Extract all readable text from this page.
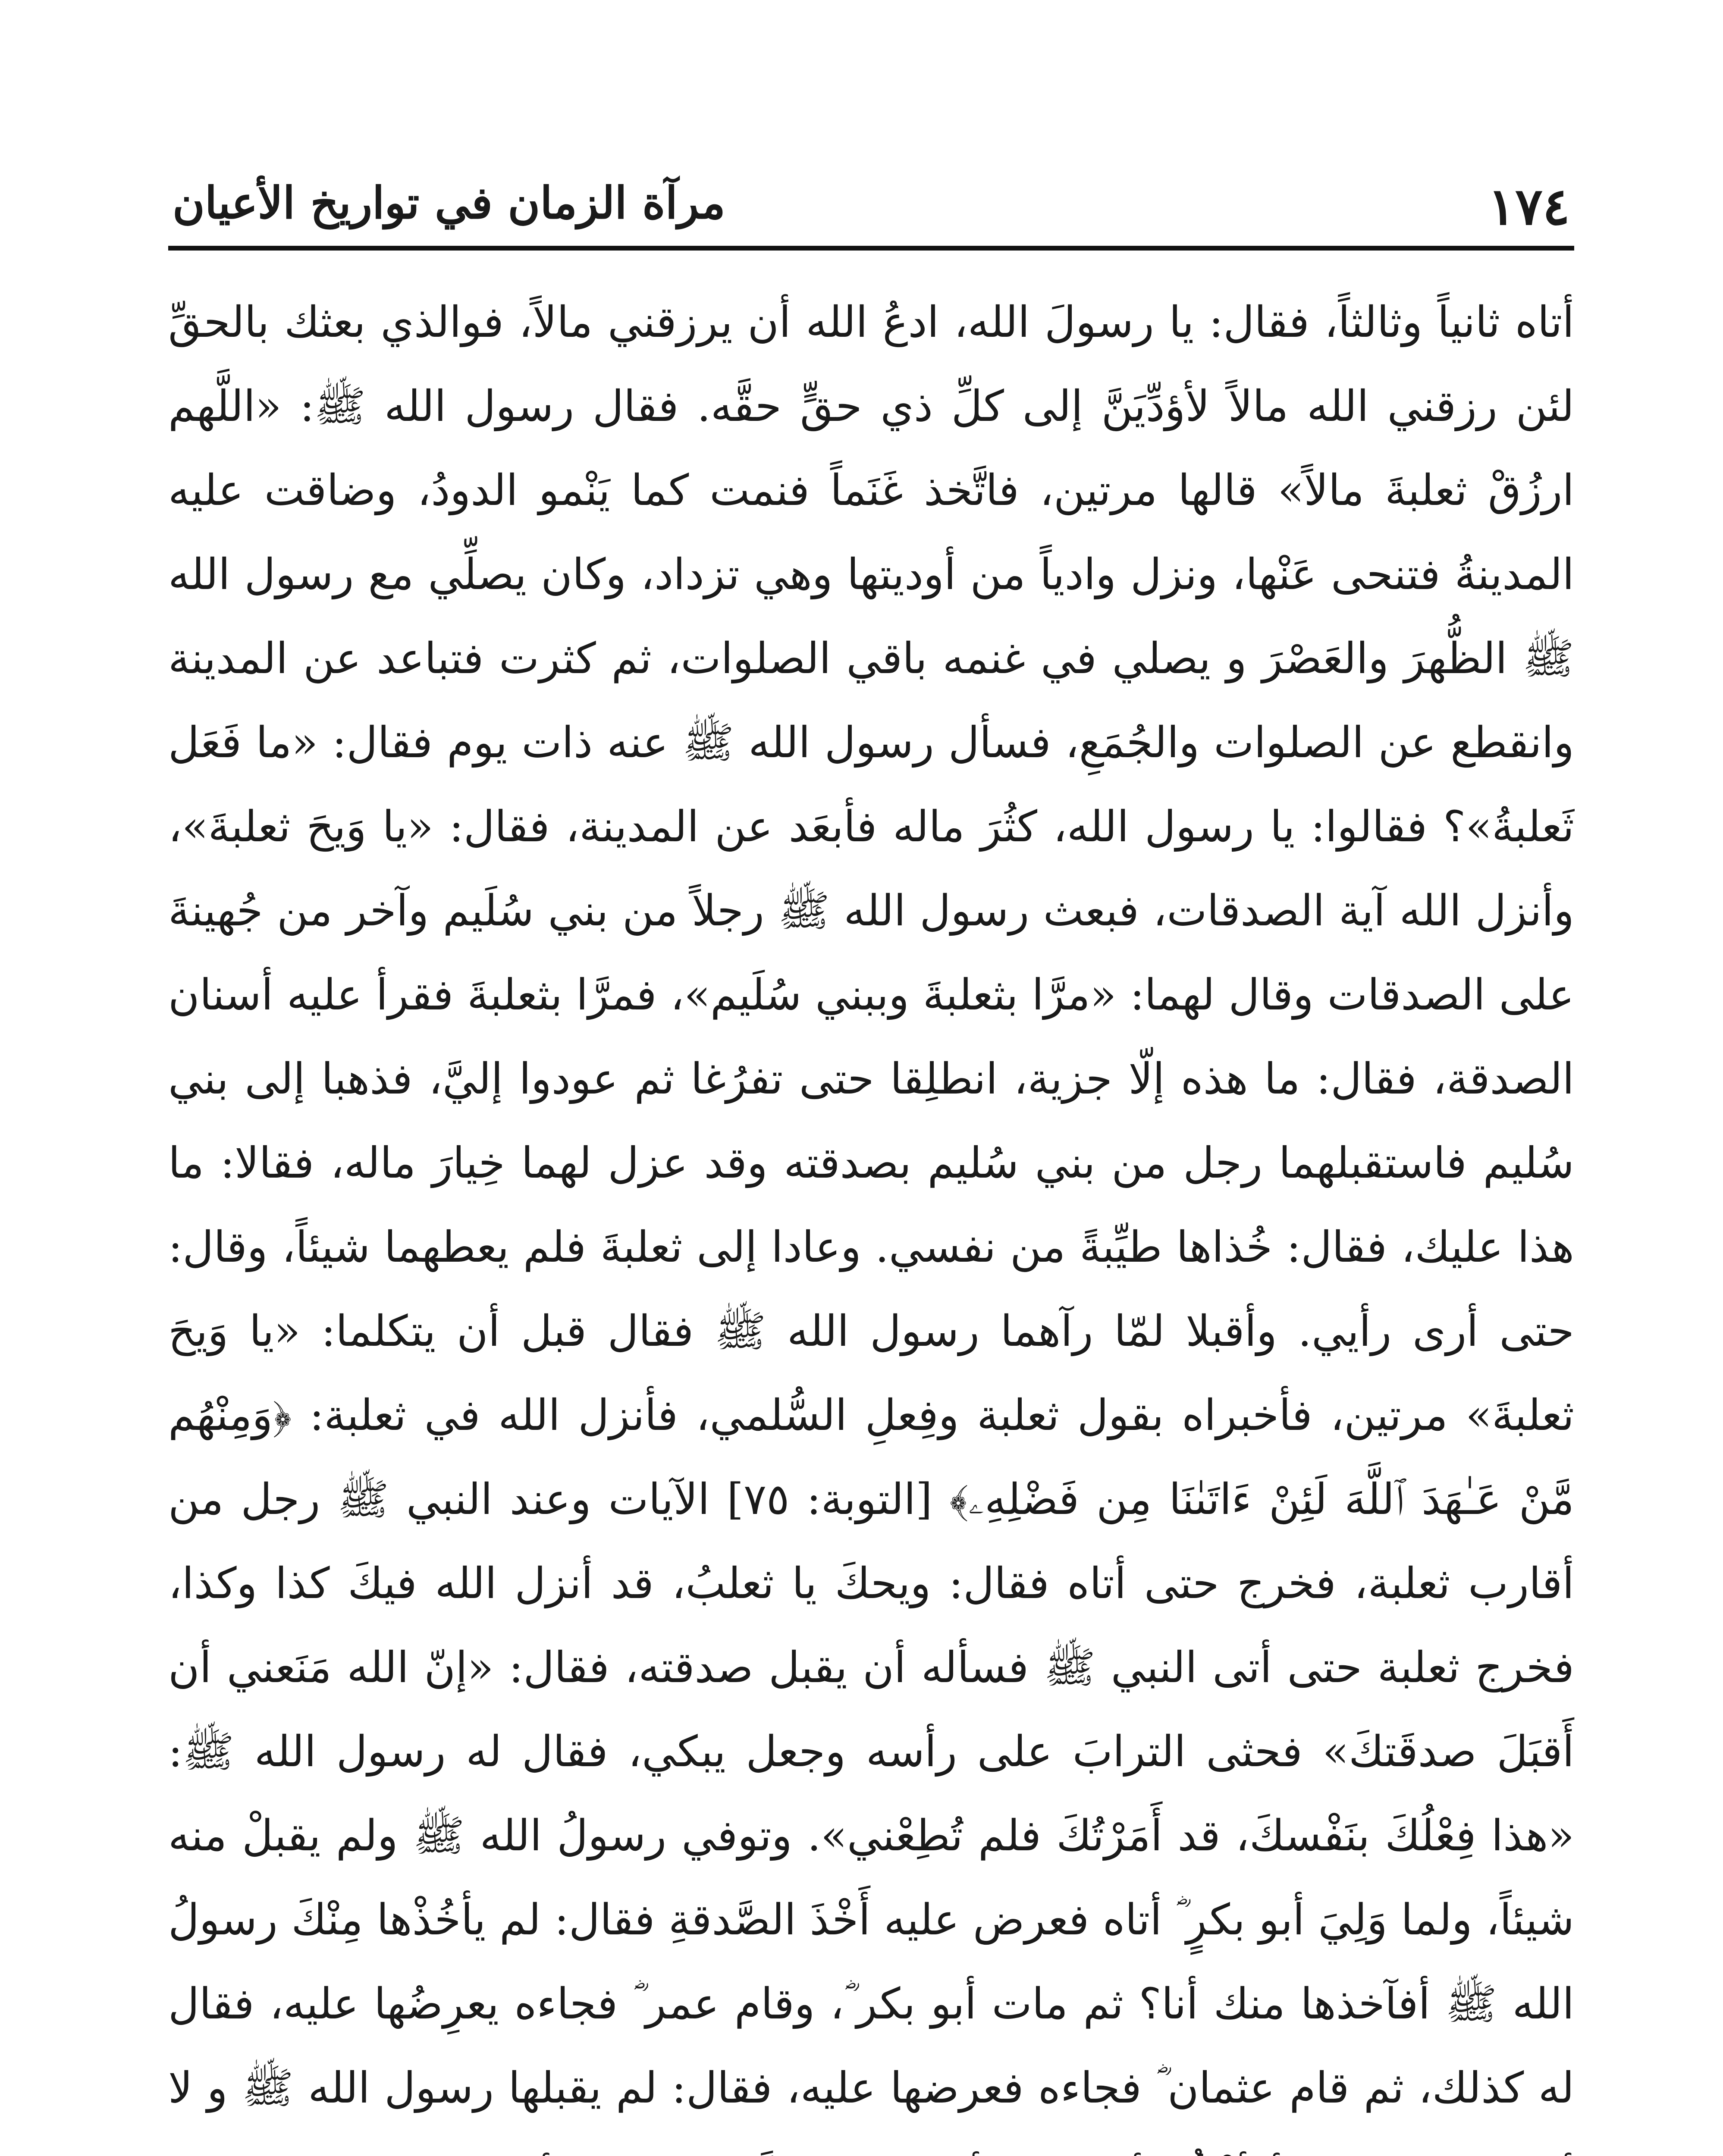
١٧٤
مرآة الزمان في تواريخ الأعيان

أتاه ثانياً وثالثاً، فقال: يا رسولَ الله، ادعُ الله أن يرزقني مالاً، فوالذي بعثك بالحقِّ لئن رزقني الله مالاً لأؤدِّيَنَّ إلى كلِّ ذي حقٍّ حقَّه. فقال رسول الله ﷺ: «اللَّهم ارزُقْ ثعلبةَ مالاً» قالها مرتين، فاتَّخذ غَنَماً فنمت كما يَنْمو الدودُ، وضاقت عليه المدينةُ فتنحى عَنْها، ونزل وادياً من أوديتها وهي تزداد، وكان يصلِّي مع رسول الله ﷺ الظُّهرَ والعَصْرَ و يصلي في غنمه باقي الصلوات، ثم كثرت فتباعد عن المدينة وانقطع عن الصلوات والجُمَعِ، فسأل رسول الله ﷺ عنه ذات يوم فقال: «ما فَعَل ثَعلبةُ»؟ فقالوا: يا رسول الله، كثُرَ ماله فأبعَد عن المدينة، فقال: «يا وَيحَ ثعلبةَ»، وأنزل الله آية الصدقات، فبعث رسول الله ﷺ رجلاً من بني سُلَيم وآخر من جُهينةَ على الصدقات وقال لهما: «مرَّا بثعلبةَ وببني سُلَيم»، فمرَّا بثعلبةَ فقرأ عليه أسنان الصدقة، فقال: ما هذه إلّا جزية، انطلِقا حتى تفرُغا ثم عودوا إليَّ، فذهبا إلى بني سُليم فاستقبلهما رجل من بني سُليم بصدقته وقد عزل لهما خِيارَ ماله، فقالا: ما هذا عليك، فقال: خُذاها طيِّبةً من نفسي. وعادا إلى ثعلبةَ فلم يعطهما شيئاً، وقال: حتى أرى رأيي. وأقبلا لمّا رآهما رسول الله ﷺ فقال قبل أن يتكلما: «يا وَيحَ ثعلبةَ» مرتين، فأخبراه بقول ثعلبة وفِعلِ السُّلمي، فأنزل الله في ثعلبة: ﴿وَمِنْهُم مَّنْ عَـٰهَدَ ٱللَّهَ لَئِنْ ءَاتَىٰنَا مِن فَضْلِهِۦ﴾ [التوبة: ٧٥] الآيات وعند النبي ﷺ رجل من أقارب ثعلبة، فخرج حتى أتاه فقال: ويحكَ يا ثعلبُ، قد أنزل الله فيكَ كذا وكذا، فخرج ثعلبة حتى أتى النبي ﷺ فسأله أن يقبل صدقته، فقال: «إنّ الله مَنَعني أن أَقبَلَ صدقَتكَ» فحثى الترابَ على رأسه وجعل يبكي، فقال له رسول الله ﷺ: «هذا فِعْلُكَ بنَفْسكَ، قد أَمَرْتُكَ فلم تُطِعْني». وتوفي رسولُ الله ﷺ ولم يقبلْ منه شيئاً، ولما وَلِيَ أبو بكرٍ ؓ أتاه فعرض عليه أَخْذَ الصَّدقةِ فقال: لم يأخُذْها مِنْكَ رسولُ الله ﷺ أفآخذها منك أنا؟ ثم مات أبو بكر ؓ، وقام عمر ؓ فجاءه يعرِضُها عليه، فقال له كذلك، ثم قام عثمان ؓ فجاءه فعرضها عليه، فقال: لم يقبلها رسول الله ﷺ و لا
